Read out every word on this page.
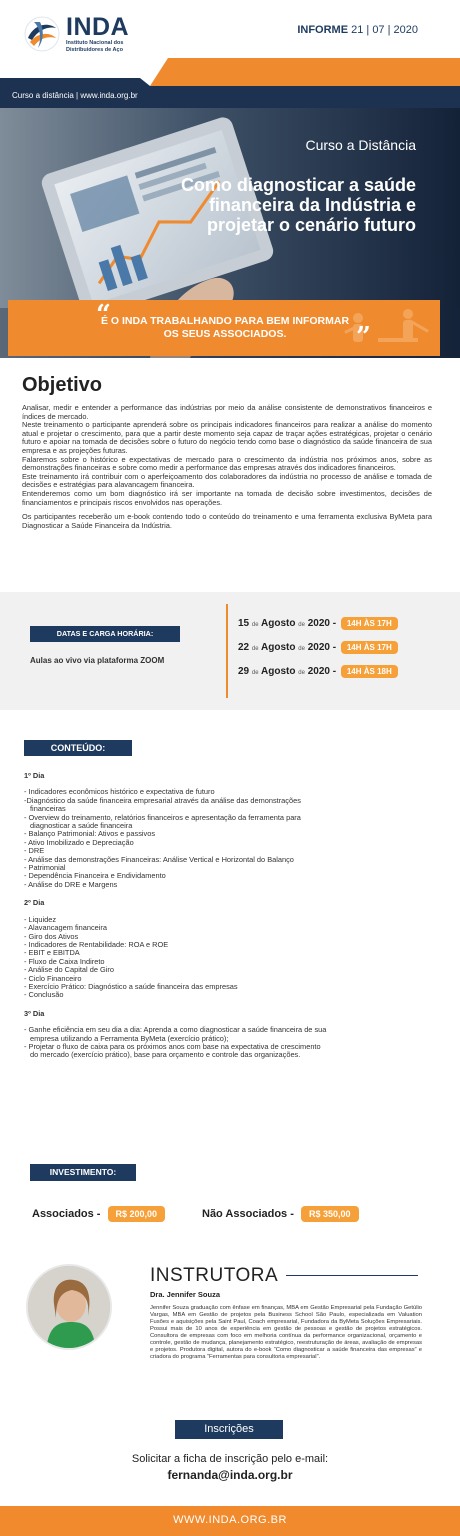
INDA
Instituto Nacional dos
Distribuidores de Aço
INFORME 21 | 07 | 2020
Curso a distância | www.inda.org.br
Curso a Distância
Como diagnosticar a saúde financeira da Indústria e projetar o cenário futuro
“
É O INDA TRABALHANDO PARA BEM INFORMAR OS SEUS ASSOCIADOS.	”
Objetivo

Analisar, medir e entender a performance das indústrias por meio da análise consistente de demonstrativos financeiros e índices de mercado.

Neste treinamento o participante aprenderá sobre os principais indicadores financeiros para realizar a análise do momento atual e projetar o crescimento, para que a partir deste momento seja capaz de traçar ações estratégicas, projetar o cenário futuro e apoiar na tomada de decisões sobre o futuro do negócio tendo como base o diagnóstico da saúde financeira de sua empresa e as projeções futuras.

Falaremos sobre o histórico e expectativas de mercado para o crescimento da indústria nos próximos anos, sobre as demonstrações financeiras e sobre como medir a performance das empresas através dos indicadores financeiros.

Este treinamento irá contribuir com o aperfeiçoamento dos colaboradores da indústria no processo de análise e tomada de decisões e estratégias para alavancagem financeira.

Entenderemos como um bom diagnóstico irá ser importante na tomada de decisão sobre investimentos, decisões de financiamentos e principais riscos envolvidos nas operações.

Os participantes receberão um e-book contendo todo o conteúdo do treinamento e uma ferramenta exclusiva ByMeta para Diagnosticar a Saúde Financeira da Indústria.

DATAS E CARGA HORÁRIA:
Aulas ao vivo via plataforma ZOOM
15 de Agosto de 2020 - 14H ÀS 17H
22 de Agosto de 2020 - 14H ÀS 17H
29 de Agosto de 2020 - 14H ÀS 18H
CONTEÚDO:
1º Dia
- Indicadores econômicos histórico e expectativa de futuro
-Diagnóstico da saúde financeira empresarial através da análise das demonstrações
financeiras
- Overview do treinamento, relatórios financeiros e apresentação da ferramenta para
diagnosticar a saúde financeira
- Balanço Patrimonial: Ativos e passivos
- Ativo Imobilizado e Depreciação
- DRE
- Análise das demonstrações Financeiras: Análise Vertical e Horizontal do Balanço
- Patrimonial
- Dependência Financeira e Endividamento
- Análise do DRE e Margens
2º Dia
- Liquidez
- Alavancagem financeira
- Giro dos Ativos
- Indicadores de Rentabilidade: ROA e ROE
- EBIT e EBITDA
- Fluxo de Caixa Indireto
- Análise do Capital de Giro
- Ciclo Financeiro
- Exercício Prático: Diagnóstico a saúde financeira das empresas
- Conclusão
3º Dia
- Ganhe eficiência em seu dia a dia: Aprenda a como diagnosticar a saúde financeira de sua
empresa utilizando a Ferramenta ByMeta (exercício prático);
- Projetar o fluxo de caixa para os próximos anos com base na expectativa de crescimento
do mercado (exercício prático), base para orçamento e controle das organizações.
INVESTIMENTO:
Associados - R$ 200,00	Não Associados - R$ 350,00
INSTRUTORA
Dra. Jennifer Souza
Jennifer Souza graduação com ênfase em finanças, MBA em Gestão Empresarial pela Fundação Getúlio Vargas, MBA em Gestão de projetos pela Business School São Paulo, especializada em Valuation Fusões e aquisições pela Saint Paul, Coach empresarial, Fundadora da ByMeta Soluções Empresariais. Possui mais de 10 anos de experiência em gestão de pessoas e gestão de projetos estratégicos. Consultora de empresas com foco em melhoria contínua da performance organizacional, orçamento e controle, gestão de mudança, planejamento estratégico, reestruturação de áreas, avaliação de empresas e projetos. Produtora digital, autora do e-book “Como diagnosticar a saúde financeira das empresas” e criadora do programa “Ferramentas para consultoria empresarial”.
Inscrições
Solicitar a ficha de inscrição pelo e-mail:
fernanda@inda.org.br
WWW.INDA.ORG.BR
